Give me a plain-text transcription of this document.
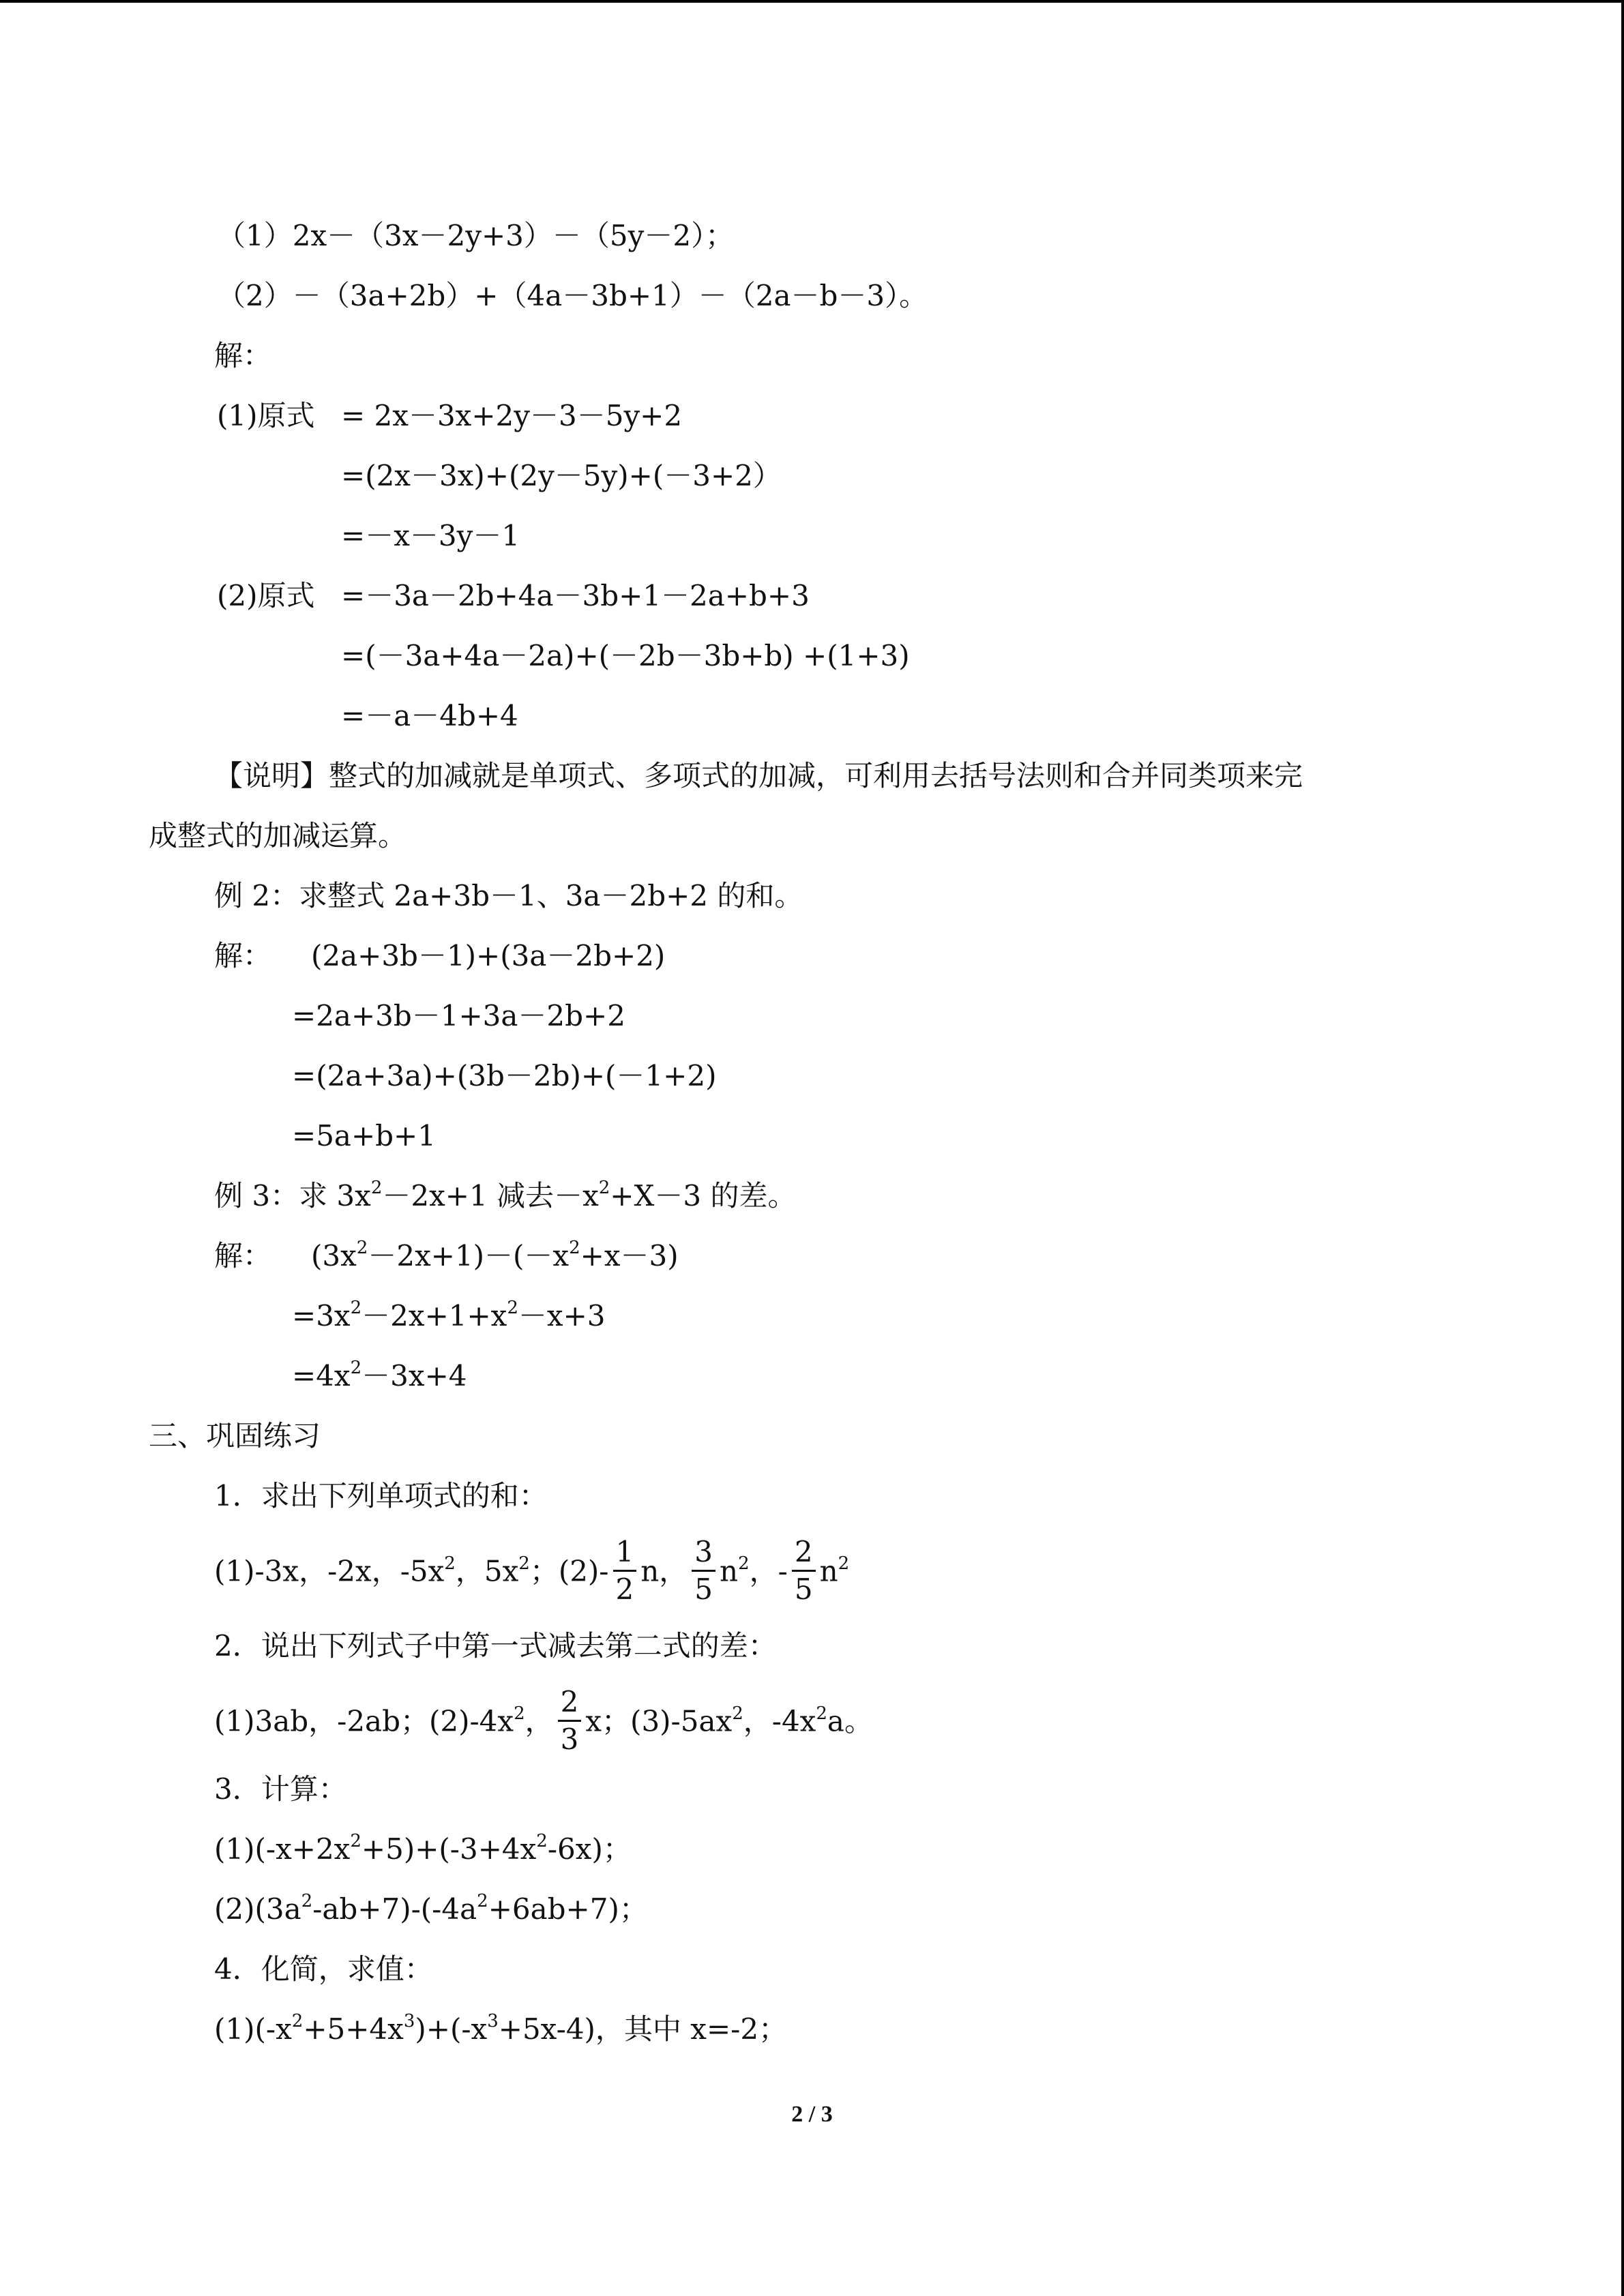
（1）2x－（3x－2y+3）－（5y－2）；
（2）－（3a+2b）+（4a－3b+1）－（2a－b－3）。
解：
(1)原式 = 2x－3x+2y－3－5y+2
=(2x－3x)+(2y－5y)+(－3+2）
=－x－3y－1
(2)原式 =－3a－2b+4a－3b+1－2a+b+3
=(－3a+4a－2a)+(－2b－3b+b) +(1+3)
=－a－4b+4
【说明】整式的加减就是单项式、多项式的加减，可利用去括号法则和合并同类项来完
成整式的加减运算。
例 2：求整式 2a+3b－1、3a－2b+2 的和。
解： (2a+3b－1)+(3a－2b+2)
=2a+3b－1+3a－2b+2
=(2a+3a)+(3b－2b)+(－1+2)
=5a+b+1
例 3：求 $3x^2-2x+1$ 减去$-x^2+X-3$ 的差。
解： $(3x^2-2x+1)-(-x^2+x-3)$
$=3x^2-2x+1+x^2-x+3$
$=4x^2-3x+4$
三、巩固练习
1．求出下列单项式的和：
(1)-3x，-2x，$-5x^2$，$5x^2$；$(2)- \frac{1}{2}$ n， $\frac{3}{5} n^2$，- $\frac{2}{5} n^2$
2．说出下列式子中第一式减去第二式的差：
(1)3ab，-2ab；$(2)-4x^2$， $\frac{2}{3}$ x；$(3)-5ax^2$，$-4x^2a$。
3．计算：
$(1)(-x+2x^2+5)+(-3+4x^2-6x)$；
$(2)(3a^2-ab+7)-(-4a^2+6ab+7)$；
4．化简，求值：
$(1)(-x^2+5+4x^3)+(-x^3+5x-4)$，其中 x=-2；
2 / 3
